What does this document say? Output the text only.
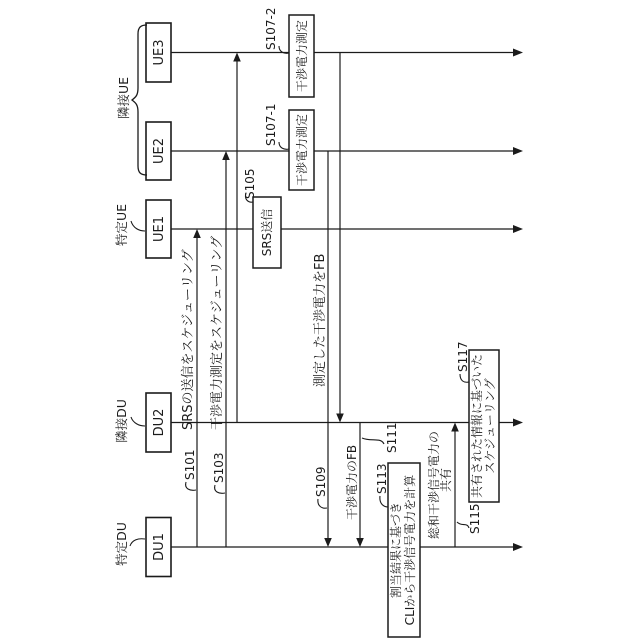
SRS送信
干渉電力測定
干渉電力測定
割当結果に基づき CLIから干渉信号電力を計算
共有された情報に基づいた スケジューリング
DU1
DU2
UE1
UE2
UE3
特定DU
隣接DU
特定UE
隣接UE
SRSの送信をスケジューリング 干渉電力測定をスケジューリング	測定した干渉電力をFB
干渉電力のFB	総和干渉信号電力の
共有
S101 S103
S105
S107-1
S107-2
S109
S111
S113
S115
S117
